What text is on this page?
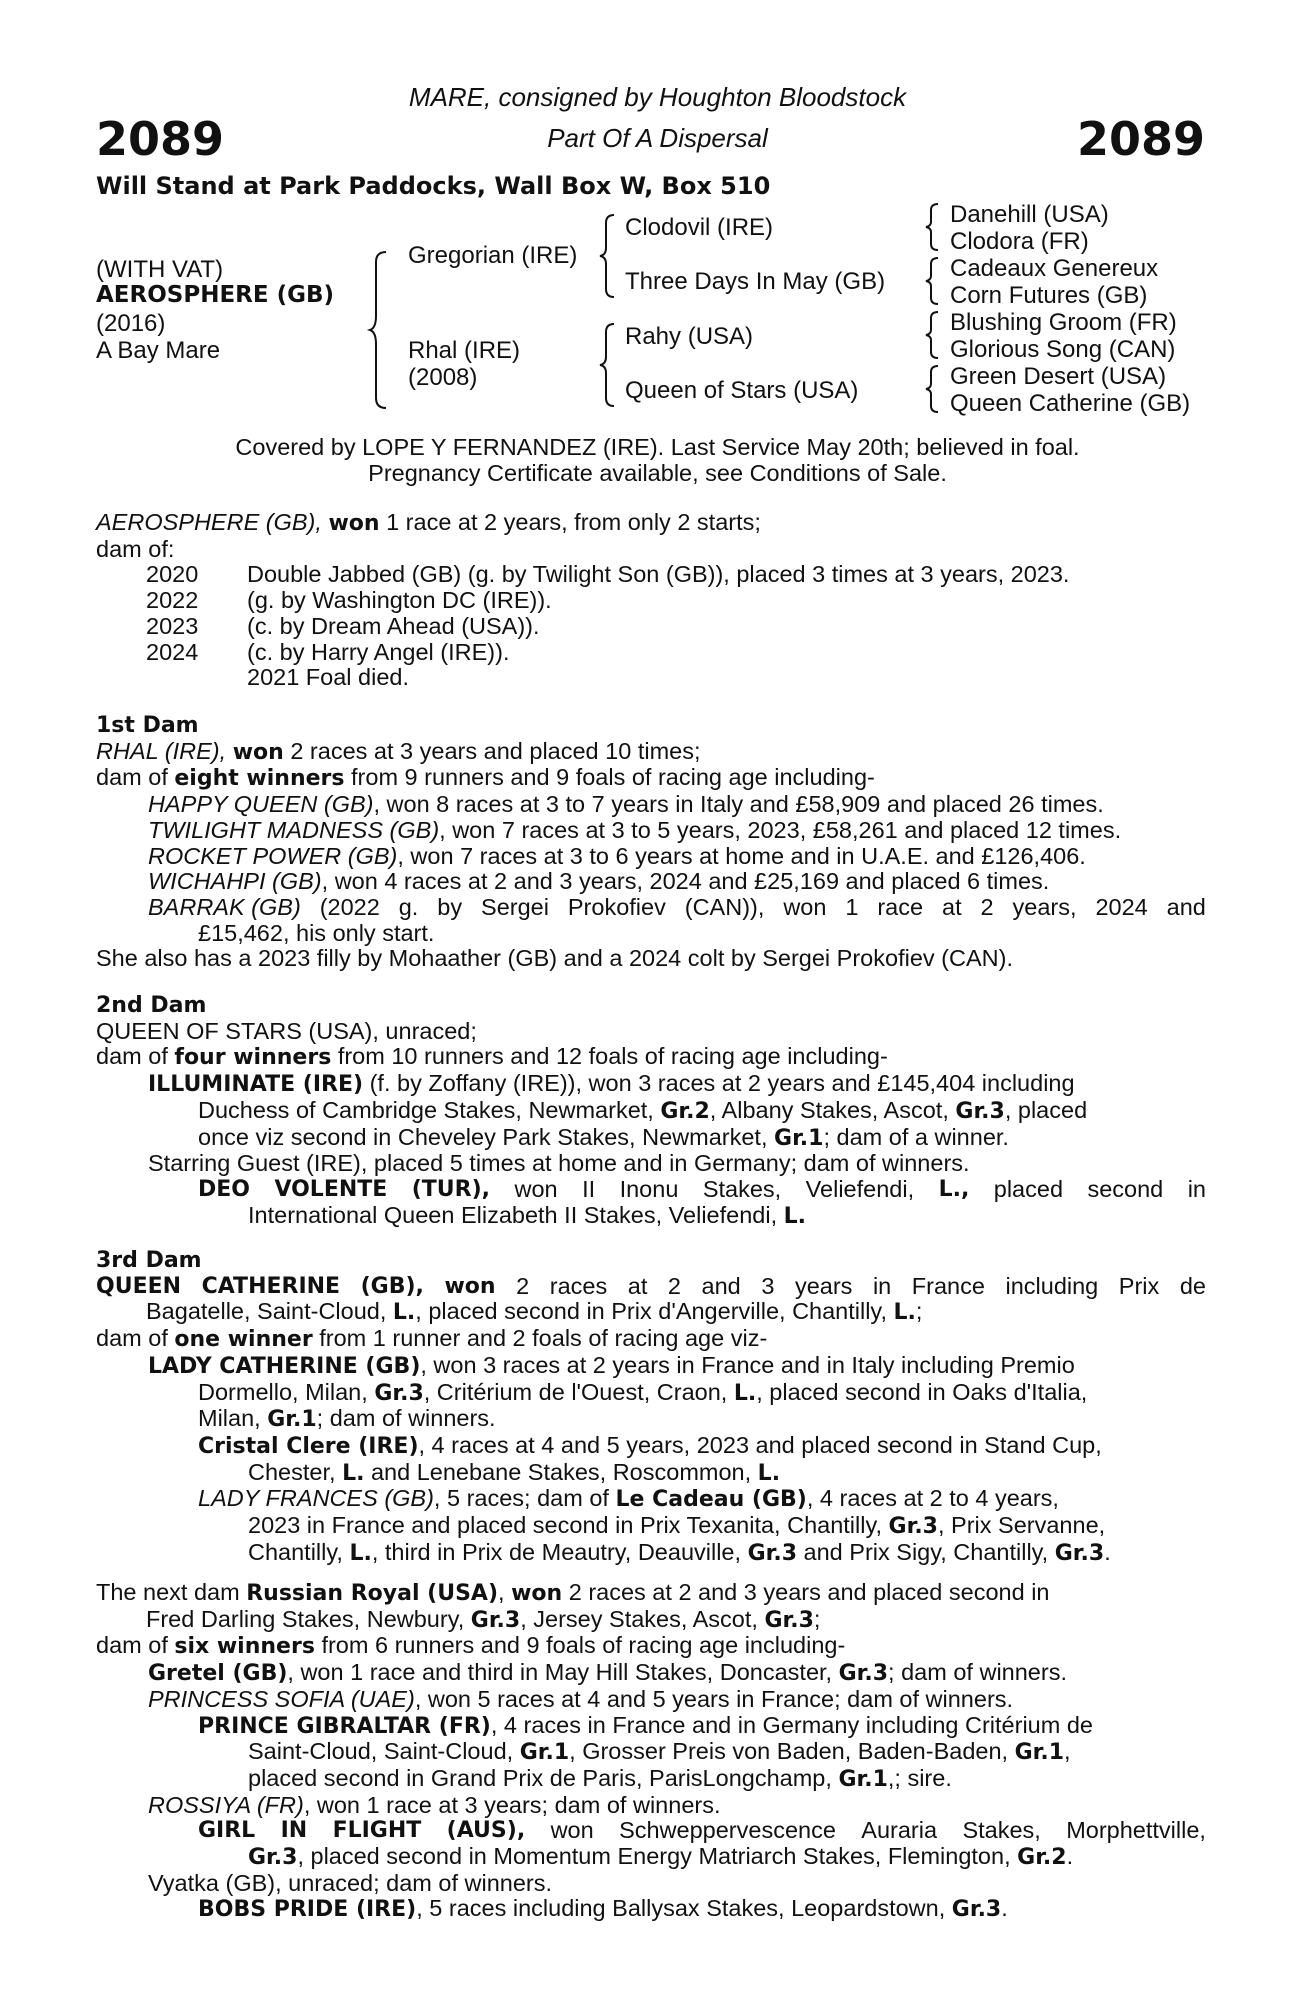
2089	2089
MARE, consigned by Houghton Bloodstock
Part Of A Dispersal
Will Stand at Park Paddocks, Wall Box W, Box 510
(WITH VAT)
AEROSPHERE (GB)
(2016)
A Bay Mare
Gregorian (IRE)
Rhal (IRE)
(2008)
Clodovil (IRE)
Three Days In May (GB)
Rahy (USA)
Queen of Stars (USA)
Danehill (USA)
Clodora (FR)
Cadeaux Genereux
Corn Futures (GB)
Blushing Groom (FR)
Glorious Song (CAN)
Green Desert (USA)
Queen Catherine (GB)
Covered by LOPE Y FERNANDEZ (IRE). Last Service May 20th; believed in foal.
Pregnancy Certificate available, see Conditions of Sale.
AEROSPHERE (GB), won 1 race at 2 years, from only 2 starts;
dam of:
2020	Double Jabbed (GB) (g. by Twilight Son (GB)), placed 3 times at 3 years, 2023.
2022	(g. by Washington DC (IRE)).
2023	(c. by Dream Ahead (USA)).
2024	(c. by Harry Angel (IRE)).
2021 Foal died.
1st Dam
RHAL (IRE), won 2 races at 3 years and placed 10 times;
dam of eight winners from 9 runners and 9 foals of racing age including-
HAPPY QUEEN (GB), won 8 races at 3 to 7 years in Italy and £58,909 and placed 26 times.
TWILIGHT MADNESS (GB), won 7 races at 3 to 5 years, 2023, £58,261 and placed 12 times.
ROCKET POWER (GB), won 7 races at 3 to 6 years at home and in U.A.E. and £126,406.
WICHAHPI (GB), won 4 races at 2 and 3 years, 2024 and £25,169 and placed 6 times.
BARRAK (GB) (2022 g. by Sergei Prokofiev (CAN)), won 1 race at 2 years, 2024 and
£15,462, his only start.
She also has a 2023 filly by Mohaather (GB) and a 2024 colt by Sergei Prokofiev (CAN).
2nd Dam
QUEEN OF STARS (USA), unraced;
dam of four winners from 10 runners and 12 foals of racing age including-
ILLUMINATE (IRE) (f. by Zoffany (IRE)), won 3 races at 2 years and £145,404 including
Duchess of Cambridge Stakes, Newmarket, Gr.2, Albany Stakes, Ascot, Gr.3, placed
once viz second in Cheveley Park Stakes, Newmarket, Gr.1; dam of a winner.
Starring Guest (IRE), placed 5 times at home and in Germany; dam of winners.
DEO VOLENTE (TUR), won II Inonu Stakes, Veliefendi, L., placed second in
International Queen Elizabeth II Stakes, Veliefendi, L.
3rd Dam
QUEEN CATHERINE (GB), won 2 races at 2 and 3 years in France including Prix de
Bagatelle, Saint-Cloud, L., placed second in Prix d'Angerville, Chantilly, L.;
dam of one winner from 1 runner and 2 foals of racing age viz-
LADY CATHERINE (GB), won 3 races at 2 years in France and in Italy including Premio
Dormello, Milan, Gr.3, Critérium de l'Ouest, Craon, L., placed second in Oaks d'Italia,
Milan, Gr.1; dam of winners.
Cristal Clere (IRE), 4 races at 4 and 5 years, 2023 and placed second in Stand Cup,
Chester, L. and Lenebane Stakes, Roscommon, L.
LADY FRANCES (GB), 5 races; dam of Le Cadeau (GB), 4 races at 2 to 4 years,
2023 in France and placed second in Prix Texanita, Chantilly, Gr.3, Prix Servanne,
Chantilly, L., third in Prix de Meautry, Deauville, Gr.3 and Prix Sigy, Chantilly, Gr.3.
The next dam Russian Royal (USA), won 2 races at 2 and 3 years and placed second in
Fred Darling Stakes, Newbury, Gr.3, Jersey Stakes, Ascot, Gr.3;
dam of six winners from 6 runners and 9 foals of racing age including-
Gretel (GB), won 1 race and third in May Hill Stakes, Doncaster, Gr.3; dam of winners.
PRINCESS SOFIA (UAE), won 5 races at 4 and 5 years in France; dam of winners.
PRINCE GIBRALTAR (FR), 4 races in France and in Germany including Critérium de
Saint-Cloud, Saint-Cloud, Gr.1, Grosser Preis von Baden, Baden-Baden, Gr.1,
placed second in Grand Prix de Paris, ParisLongchamp, Gr.1,; sire.
ROSSIYA (FR), won 1 race at 3 years; dam of winners.
GIRL IN FLIGHT (AUS), won Schweppervescence Auraria Stakes, Morphettville,
Gr.3, placed second in Momentum Energy Matriarch Stakes, Flemington, Gr.2.
Vyatka (GB), unraced; dam of winners.
BOBS PRIDE (IRE), 5 races including Ballysax Stakes, Leopardstown, Gr.3.
